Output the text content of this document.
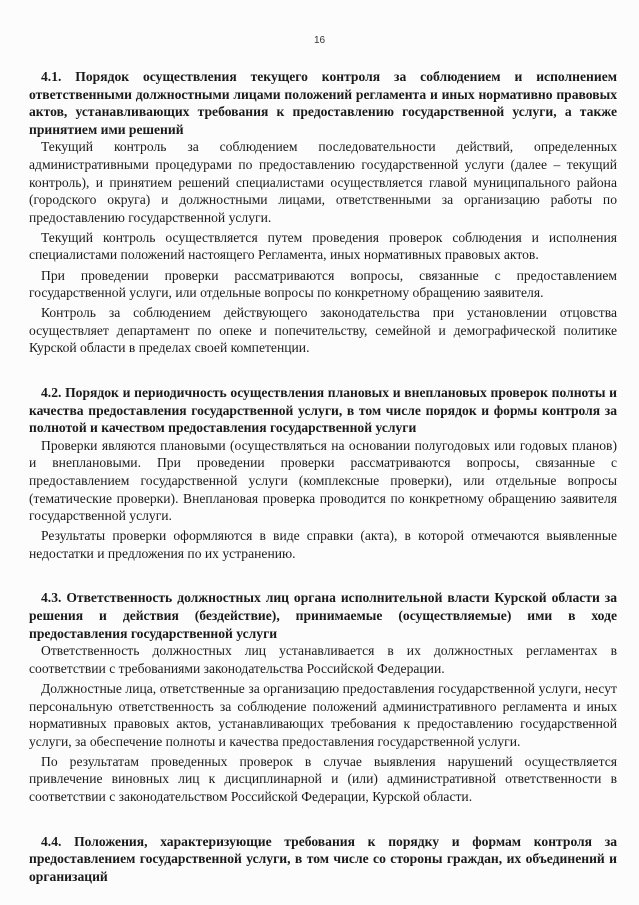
16

4.1. Порядок осуществления текущего контроля за соблюдением и исполнением ответственными должностными лицами положений регламента и иных нормативно правовых актов, устанавливающих требования к предоставлению государственной услуги, а также принятием ими решений

Текущий контроль за соблюдением последовательности действий, определенных административными процедурами по предоставлению государственной услуги (далее – текущий контроль), и принятием решений специалистами осуществляется главой муниципального района (городского округа) и должностными лицами, ответственными за организацию работы по предоставлению государственной услуги.

Текущий контроль осуществляется путем проведения проверок соблюдения и исполнения специалистами положений настоящего Регламента, иных нормативных правовых актов.

При проведении проверки рассматриваются вопросы, связанные с предоставлением государственной услуги, или отдельные вопросы по конкретному обращению заявителя.

Контроль за соблюдением действующего законодательства при установлении отцовства осуществляет департамент по опеке и попечительству, семейной и демографической политике Курской области в пределах своей компетенции.

4.2. Порядок и периодичность осуществления плановых и внеплановых проверок полноты и качества предоставления государственной услуги, в том числе порядок и формы контроля за полнотой и качеством предоставления государственной услуги

Проверки являются плановыми (осуществляться на основании полугодовых или годовых планов) и внеплановыми. При проведении проверки рассматриваются вопросы, связанные с предоставлением государственной услуги (комплексные проверки), или отдельные вопросы (тематические проверки). Внеплановая проверка проводится по конкретному обращению заявителя государственной услуги.

Результаты проверки оформляются в виде справки (акта), в которой отмечаются выявленные недостатки и предложения по их устранению.

4.3. Ответственность должностных лиц органа исполнительной власти Курской области за решения и действия (бездействие), принимаемые (осуществляемые) ими в ходе предоставления государственной услуги

Ответственность должностных лиц устанавливается в их должностных регламентах в соответствии с требованиями законодательства Российской Федерации.

Должностные лица, ответственные за организацию предоставления государственной услуги, несут персональную ответственность за соблюдение положений административного регламента и иных нормативных правовых актов, устанавливающих требования к предоставлению государственной услуги, за обеспечение полноты и качества предоставления государственной услуги.

По результатам проведенных проверок в случае выявления нарушений осуществляется привлечение виновных лиц к дисциплинарной и (или) административной ответственности в соответствии с законодательством Российской Федерации, Курской области.

4.4. Положения, характеризующие требования к порядку и формам контроля за предоставлением государственной услуги, в том числе со стороны граждан, их объединений и организаций
